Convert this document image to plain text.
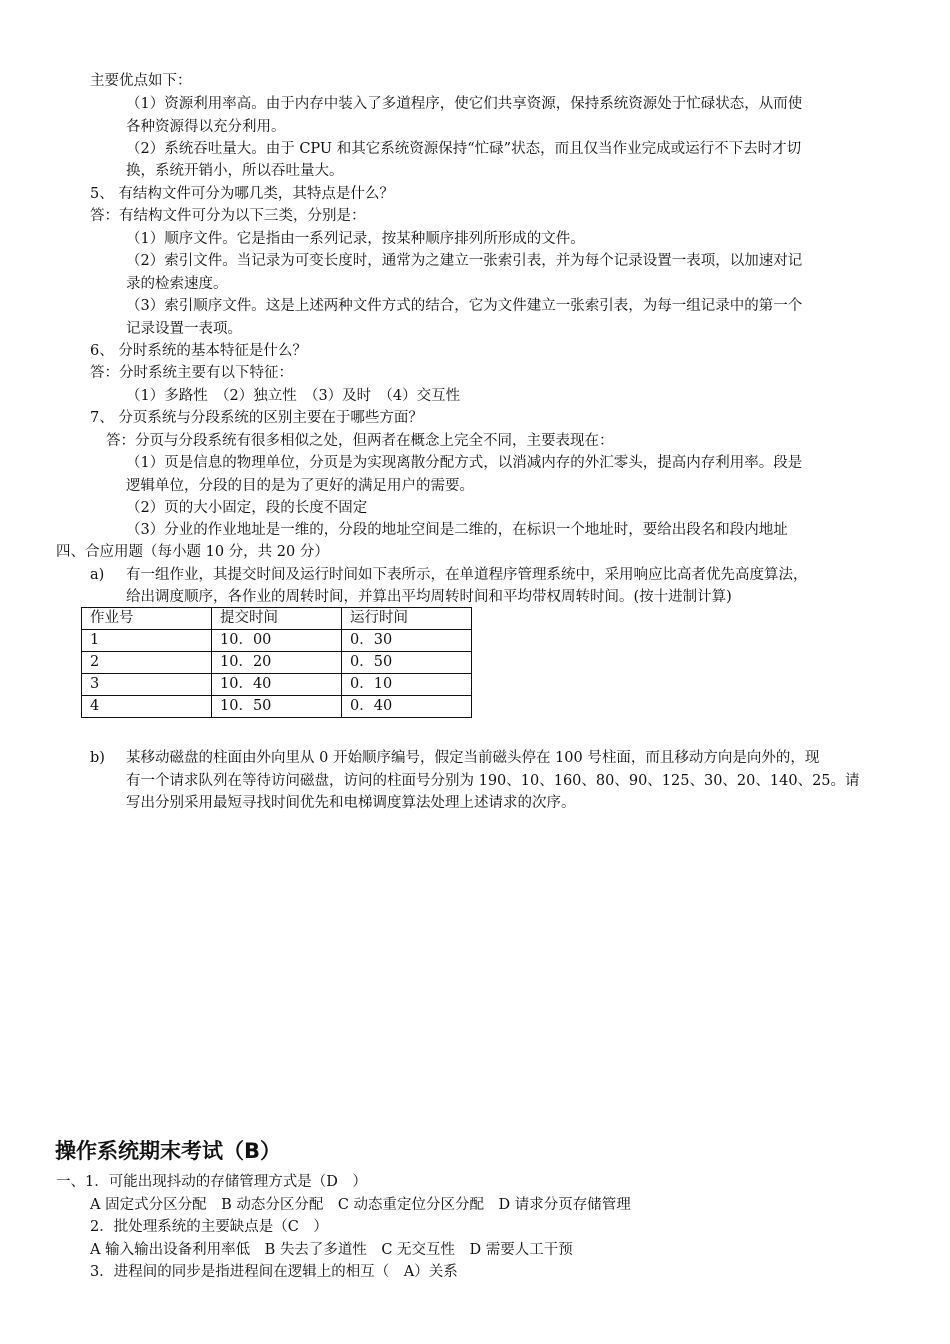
主要优点如下：
（1）资源利用率高。由于内存中装入了多道程序，使它们共享资源，保持系统资源处于忙碌状态，从而使
各种资源得以充分利用。
（2）系统吞吐量大。由于 CPU 和其它系统资源保持“忙碌”状态，而且仅当作业完成或运行不下去时才切
换，系统开销小，所以吞吐量大。
5、 有结构文件可分为哪几类，其特点是什么？
答：有结构文件可分为以下三类，分别是：
（1）顺序文件。它是指由一系列记录，按某种顺序排列所形成的文件。
（2）索引文件。当记录为可变长度时，通常为之建立一张索引表，并为每个记录设置一表项，以加速对记
录的检索速度。
（3）索引顺序文件。这是上述两种文件方式的结合，它为文件建立一张索引表，为每一组记录中的第一个
记录设置一表项。
6、 分时系统的基本特征是什么？
答：分时系统主要有以下特征：
（1）多路性　（2）独立性　（3）及时　（4）交互性
7、 分页系统与分段系统的区别主要在于哪些方面？
答：分页与分段系统有很多相似之处，但两者在概念上完全不同，主要表现在：
（1）页是信息的物理单位，分页是为实现离散分配方式，以消减内存的外汇零头，提高内存利用率。段是
逻辑单位，分段的目的是为了更好的满足用户的需要。
（2）页的大小固定，段的长度不固定
（3）分业的作业地址是一维的，分段的地址空间是二维的，在标识一个地址时，要给出段名和段内地址
四、合应用题（每小题 10 分，共 20 分）
a) 有一组作业，其提交时间及运行时间如下表所示，在单道程序管理系统中，采用响应比高者优先高度算法，
给出调度顺序，各作业的周转时间，并算出平均周转时间和平均带权周转时间。(按十进制计算)
作业号	提交时间	运行时间
1	10．00	0．30
2	10．20	0．50
3	10．40	0．10
4	10．50	0．40
b) 某移动磁盘的柱面由外向里从 0 开始顺序编号，假定当前磁头停在 100 号柱面，而且移动方向是向外的，现
有一个请求队列在等待访问磁盘，访问的柱面号分别为 190、10、160、80、90、125、30、20、140、25。请
写出分别采用最短寻找时间优先和电梯调度算法处理上述请求的次序。
操作系统期末考试（B）
一、1．可能出现抖动的存储管理方式是（D　）
A 固定式分区分配　B 动态分区分配　C 动态重定位分区分配　D 请求分页存储管理
2．批处理系统的主要缺点是（C　）
A 输入输出设备利用率低　B 失去了多道性　C 无交互性　D 需要人工干预
3．进程间的同步是指进程间在逻辑上的相互（　A）关系
